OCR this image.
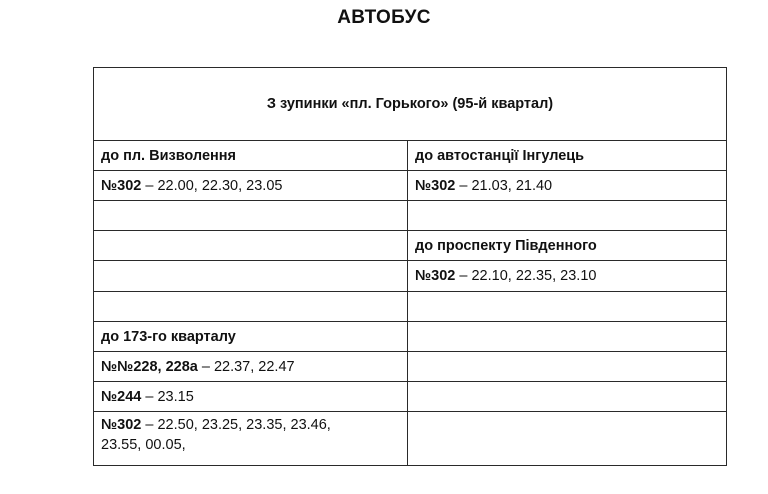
АВТОБУС
З зупинки «пл. Горького» (95-й квартал)	
до пл. Визволення	до автостанції Інгулець
№302 – 22.00, 22.30, 23.05	№302 – 21.03, 21.40

	до проспекту Південного
	№302 – 22.10, 22.35, 23.10

до 173-го кварталу	
№№228, 228а – 22.37, 22.47	
№244 – 23.15	
№302 – 22.50, 23.25, 23.35, 23.46,
23.55, 00.05,	
